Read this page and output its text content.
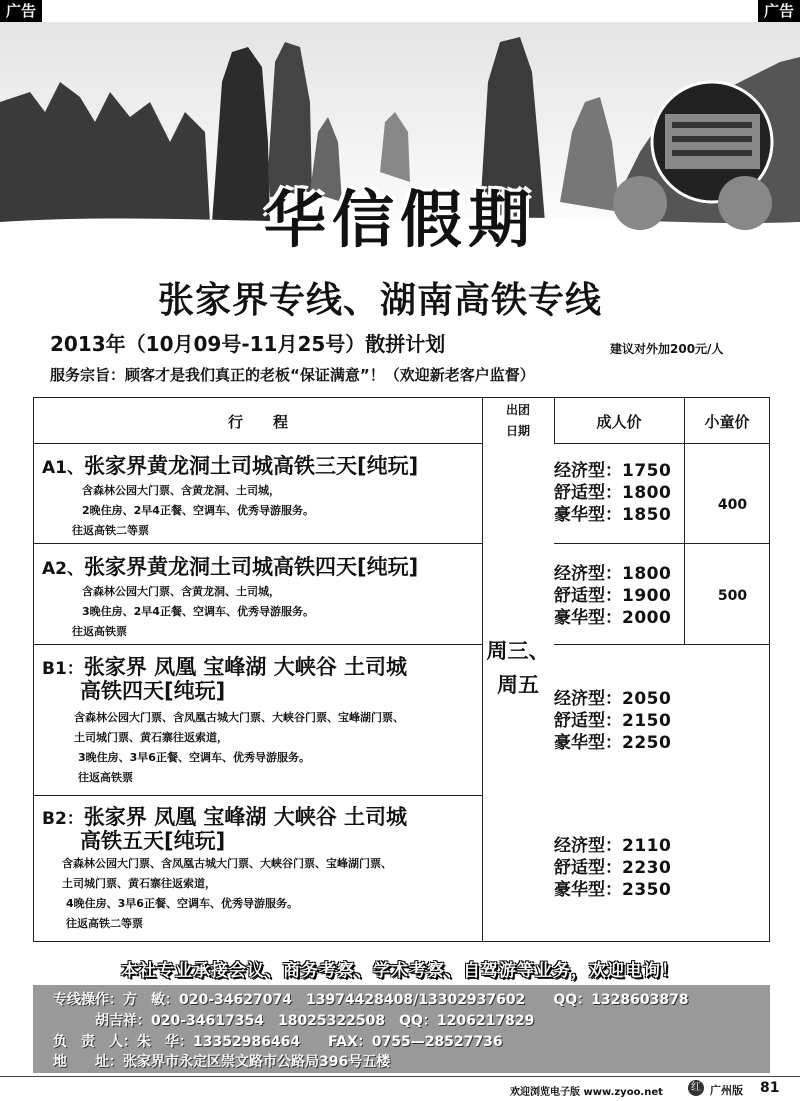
广告	广告
华信假期
张家界专线、湖南高铁专线
2013年（10月09号-11月25号）散拼计划	建议对外加200元/人
服务宗旨：顾客才是我们真正的老板“保证满意”！（欢迎新老客户监督）
行　　程
出团
日期	成人价	小童价
周三、
周五
A1、张家界黄龙洞土司城高铁三天[纯玩]
含森林公园大门票、含黄龙洞、土司城，
2晚住房、2早4正餐、空调车、优秀导游服务。
往返高铁二等票
经济型：1750
舒适型：1800
豪华型：1850	400
A2、张家界黄龙洞土司城高铁四天[纯玩]
含森林公园大门票、含黄龙洞、土司城，
3晚住房、2早4正餐、空调车、优秀导游服务。
往返高铁票
经济型：1800
舒适型：1900
豪华型：2000
500
B1：张家界 凤凰 宝峰湖 大峡谷 土司城
高铁四天[纯玩]
含森林公园大门票、含凤凰古城大门票、大峡谷门票、宝峰湖门票、
土司城门票、黄石寨往返索道，
3晚住房、3早6正餐、空调车、优秀导游服务。
往返高铁票
经济型：2050
舒适型：2150
豪华型：2250
B2：张家界 凤凰 宝峰湖 大峡谷 土司城
高铁五天[纯玩]
含森林公园大门票、含凤凰古城大门票、大峡谷门票、宝峰湖门票、
土司城门票、黄石寨往返索道，
4晚住房、3早6正餐、空调车、优秀导游服务。
往返高铁二等票
经济型：2110
舒适型：2230
豪华型：2350
本社专业承接会议、商务考察、学术考察、自驾游等业务，欢迎电询！
专线操作：方　敏：020-34627074　13974428408/13302937602　　QQ：1328603878
胡吉祥：020-34617354　18025322508　QQ：1206217829
负　责　人：朱　华：13352986464　　FAX：0755—28527736
地　　址：张家界市永定区崇文路市公路局396号五楼
欢迎浏览电子版 www.zyoo.net	红 广州版 81
